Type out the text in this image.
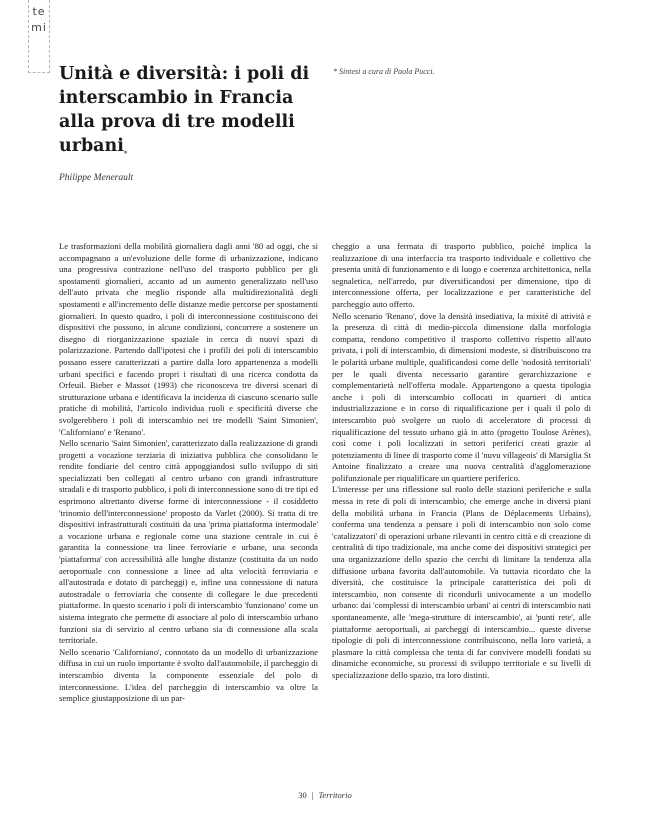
temi
Unità e diversità: i poli di interscambio in Francia alla prova di tre modelli urbani*
* Sintesi a cura di Paola Pucci.
Philippe Menerault

Le trasformazioni della mobilità giornaliera dagli anni '80 ad oggi, che si accompagnano a un'evoluzione delle forme di urbanizzazione, indicano una progressiva contrazione nell'uso del trasporto pubblico per gli spostamenti giornalieri, accanto ad un aumento generalizzato nell'uso dell'auto privata che meglio risponde alla multidirezionalità degli spostamenti e all'incremento delle distanze medie percorse per spostamenti giornalieri. In questo quadro, i poli di interconnessione costituiscono dei dispositivi che possono, in alcune condizioni, concorrere a sostenere un disegno di riorganizzazione spaziale in cerca di nuovi spazi di polarizzazione. Partendo dall'ipotesi che i profili dei poli di interscambio possano essere caratterizzati a partire dalla loro appartenenza a modelli urbani specifici e facendo propri i risultati di una ricerca condotta da Orfeuil. Bieber e Massot (1993) che riconosceva tre diversi scenari di strutturazione urbana e identificava la incidenza di ciascuno scenario sulle pratiche di mobilità, l'articolo individua ruoli e specificità diverse che svolgerebbero i poli di interscambio nei tre modelli 'Saint Simonien', 'Californiano' e 'Renano'.

Nello scenario 'Saint Simonien', caratterizzato dalla realizzazione di grandi progetti a vocazione terziaria di iniziativa pubblica che consolidano le rendite fondiarie del centro città appoggiandosi sullo sviluppo di siti specializzati ben collegati al centro urbano con grandi infrastrutture stradali e di trasporto pubblico, i poli di interconnessione sono di tre tipi ed esprimono altrettanto diverse forme di interconnessione - il cosiddetto 'trinomio dell'interconnessione' proposto da Varlet (2000). Si tratta di tre dispositivi infrastrutturali costituiti da una 'prima piattaforma intermodale' a vocazione urbana e regionale come una stazione centrale in cui è garantita la connessione tra linee ferroviarie e urbane, una seconda 'piattaforma' con accessibilità alle lunghe distanze (costituita da un nodo aeroportuale con connessione a linee ad alta velocità ferroviaria e all'autostrada e dotato di parcheggi) e, infine una connessione di natura autostradale o ferroviaria che consente di collegare le due precedenti piattaforme. In questo scenario i poli di interscambio 'funzionano' come un sistema integrato che permette di associare al polo di interscambio urbano funzioni sia di servizio al centro urbano sia di connessione alla scala territoriale.

Nello scenario 'Californiano', connotato da un modello di urbanizzazione diffusa in cui un ruolo importante è svolto dall'automobile, il parcheggio di interscambio diventa la componente essenziale del polo di interconnessione. L'idea del parcheggio di interscambio va oltre la semplice giustapposizione di un par-

cheggio a una fermata di trasporto pubblico, poiché implica la realizzazione di una interfaccia tra trasporto individuale e collettivo che presenta unità di funzionamento e di luogo e coerenza architettonica, nella segnaletica, nell'arredo, pur diversificandosi per dimensione, tipo di interconnessione offerta, per localizzazione e per caratteristiche del parcheggio auto offerto.

Nello scenario 'Renano', dove la densità insediativa, la mixité di attività e la presenza di città di medio-piccola dimensione dalla morfologia compatta, rendono competitivo il trasporto collettivo rispetto all'auto privata, i poli di interscambio, di dimensioni modeste, si distribuiscono tra le polarità urbane multiple, qualificandosi come delle 'nodosità territoriali' per le quali diventa necessario garantire gerarchizzazione e complementarietà nell'offerta modale. Appartengono a questa tipologia anche i poli di interscambio collocati in quartieri di antica industrializzazione e in corso di riqualificazione per i quali il polo di interscambio può svolgere un ruolo di acceleratore di processi di riqualificazione del tessuto urbano già in atto (progetto Toulose Arènes), così come i poli localizzati in settori periferici creati grazie al potenziamento di linee di trasporto come il 'nuvu villageois' di Marsiglia St Antoine finalizzato a creare una nuova centralità d'agglomerazione polifunzionale per riqualificare un quartiere periferico.

L'interesse per una riflessione sul ruolo delle stazioni periferiche e sulla messa in rete di poli di interscambio, che emerge anche in diversi piani della mobilità urbana in Francia (Plans de Déplacements Urbains), conferma una tendenza a pensare i poli di interscambio non solo come 'catalizzatori' di operazioni urbane rilevanti in centro città e di creazione di centralità di tipo tradizionale, ma anche come dei dispositivi strategici per una organizzazione dello spazio che cerchi di limitare la tendenza alla diffusione urbana favorita dall'automobile. Va tuttavia ricordato che la diversità, che costituisce la principale caratteristica dei poli di interscambio, non consente di ricondurli univocamente a un modello urbano: dai 'complessi di interscambio urbani' ai centri di interscambio nati spontaneamente, alle 'mega-strutture di interscambio', ai 'punti rete', alle piattaforme aeroportuali, ai parcheggi di interscambio... queste diverse tipologie di poli di interconnessione contribuiscono, nella loro varietà, a plasmare la città complessa che tenta di far convivere modelli fondati su dinamiche economiche, su processi di sviluppo territoriale e su livelli di specializzazione dello spazio, tra loro distinti.

30 | Territorio
